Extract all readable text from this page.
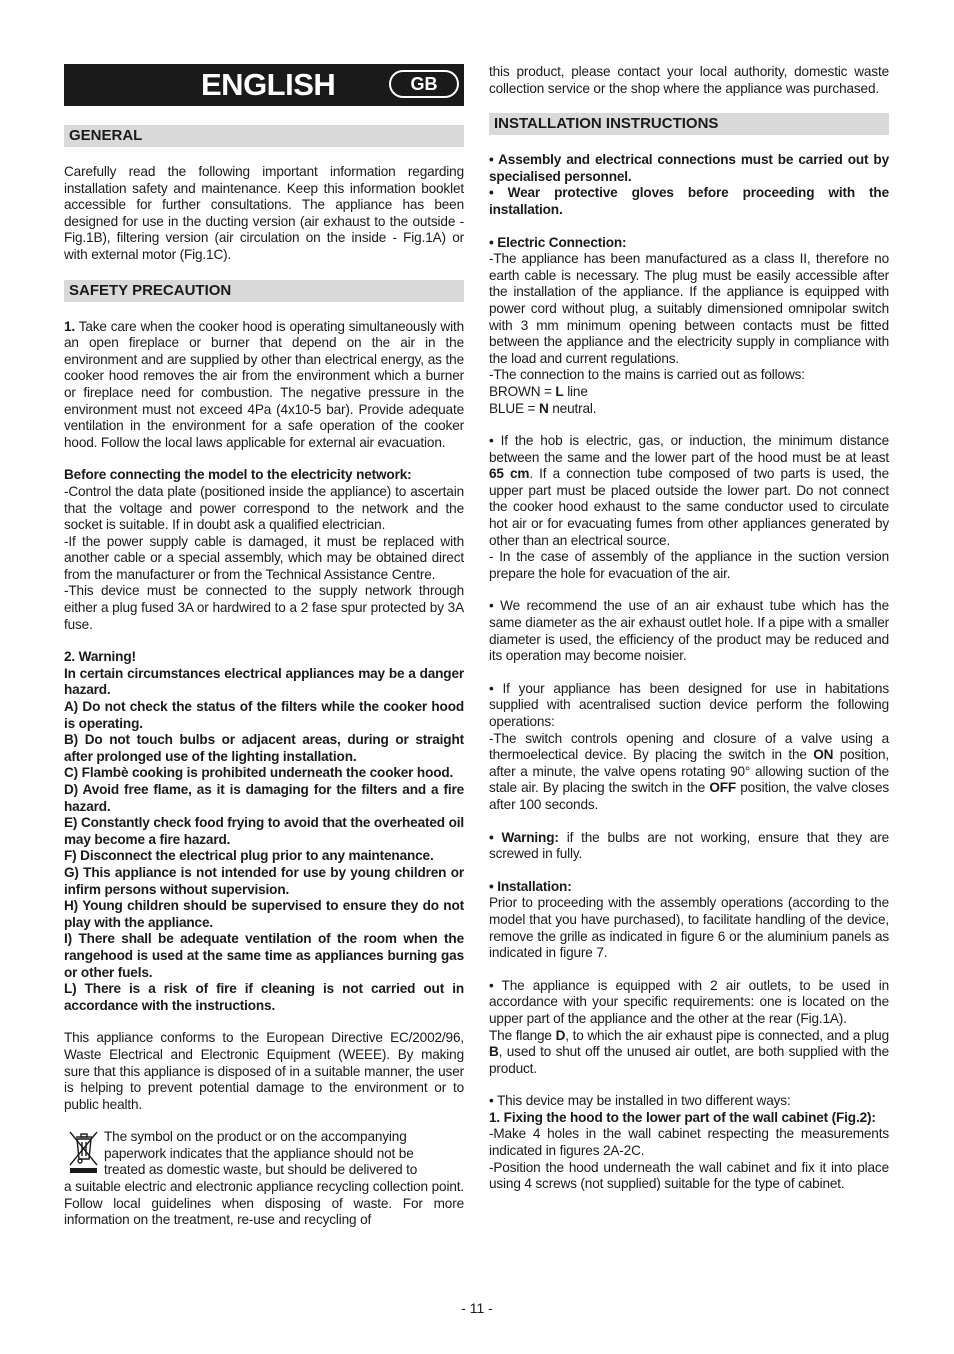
ENGLISH	GB
GENERAL

Carefully read the following important information regarding installation safety and maintenance. Keep this information booklet accessible for further consultations. The appliance has been designed for use in the ducting version (air exhaust to the outside - Fig.1B), filtering version (air circulation on the inside - Fig.1A) or with external motor (Fig.1C).

SAFETY PRECAUTION

1. Take care when the cooker hood is operating simultaneously with an open fireplace or burner that depend on the air in the environment and are supplied by other than electrical energy, as the cooker hood removes the air from the environment which a burner or fireplace need for combustion. The negative pressure in the environment must not exceed 4Pa (4x10-5 bar). Provide adequate ventilation in the environment for a safe operation of the cooker hood. Follow the local laws applicable for external air evacuation.

Before connecting the model to the electricity network:

-Control the data plate (positioned inside the appliance) to ascertain that the voltage and power correspond to the network and the socket is suitable. If in doubt ask a qualified electrician.

-If the power supply cable is damaged, it must be replaced with another cable or a special assembly, which may be obtained direct from the manufacturer or from the Technical Assistance Centre.

-This device must be connected to the supply network through either a plug fused 3A or hardwired to a 2 fase spur protected by 3A fuse.

2. Warning!

In certain circumstances electrical appliances may be a danger hazard.

A) Do not check the status of the filters while the cooker hood is operating.

B) Do not touch bulbs or adjacent areas, during or straight after prolonged use of the lighting installation.

C) Flambè cooking is prohibited underneath the cooker hood.

D) Avoid free flame, as it is damaging for the filters and a fire hazard.

E) Constantly check food frying to avoid that the overheated oil may become a fire hazard.

F) Disconnect the electrical plug prior to any maintenance.

G) This appliance is not intended for use by young children or infirm persons without supervision.

H) Young children should be supervised to ensure they do not play with the appliance.

I) There shall be adequate ventilation of the room when the rangehood is used at the same time as appliances burning gas or other fuels.

L) There is a risk of fire if cleaning is not carried out in accordance with the instructions.

This appliance conforms to the European Directive EC/2002/96, Waste Electrical and Electronic Equipment (WEEE). By making sure that this appliance is disposed of in a suitable manner, the user is helping to prevent potential damage to the environment or to public health.

The symbol on the product or on the accompanying

paperwork indicates that the appliance should not be

treated as domestic waste, but should be delivered to

a suitable electric and electronic appliance recycling collection point. Follow local guidelines when disposing of waste. For more information on the treatment, re-use and recycling of

this product, please contact your local authority, domestic waste collection service or the shop where the appliance was purchased.

INSTALLATION INSTRUCTIONS

• Assembly and electrical connections must be carried out by specialised personnel.

• Wear protective gloves before proceeding with the installation.

• Electric Connection:

-The appliance has been manufactured as a class II, therefore no earth cable is necessary. The plug must be easily accessible after the installation of the appliance. If the appliance is equipped with power cord without plug, a suitably dimensioned omnipolar switch with 3 mm minimum opening between contacts must be fitted between the appliance and the electricity supply in compliance with the load and current regulations.

-The connection to the mains is carried out as follows:

BROWN = L line

BLUE = N neutral.

• If the hob is electric, gas, or induction, the minimum distance between the same and the lower part of the hood must be at least 65 cm. If a connection tube composed of two parts is used, the upper part must be placed outside the lower part. Do not connect the cooker hood exhaust to the same conductor used to circulate hot air or for evacuating fumes from other appliances generated by other than an electrical source.

- In the case of assembly of the appliance in the suction version prepare the hole for evacuation of the air.

• We recommend the use of an air exhaust tube which has the same diameter as the air exhaust outlet hole. If a pipe with a smaller diameter is used, the efficiency of the product may be reduced and its operation may become noisier.

• If your appliance has been designed for use in habitations supplied with acentralised suction device perform the following operations:

-The switch controls opening and closure of a valve using a thermoelectical device. By placing the switch in the ON position, after a minute, the valve opens rotating 90° allowing suction of the stale air. By placing the switch in the OFF position, the valve closes after 100 seconds.

• Warning: if the bulbs are not working, ensure that they are screwed in fully.

• Installation:

Prior to proceeding with the assembly operations (according to the model that you have purchased), to facilitate handling of the device, remove the grille as indicated in figure 6 or the aluminium panels as indicated in figure 7.

• The appliance is equipped with 2 air outlets, to be used in accordance with your specific requirements: one is located on the upper part of the appliance and the other at the rear (Fig.1A).

The flange D, to which the air exhaust pipe is connected, and a plug B, used to shut off the unused air outlet, are both supplied with the product.

• This device may be installed in two different ways:

1. Fixing the hood to the lower part of the wall cabinet (Fig.2):

-Make 4 holes in the wall cabinet respecting the measurements indicated in figures 2A-2C.

-Position the hood underneath the wall cabinet and fix it into place using 4 screws (not supplied) suitable for the type of cabinet.

- 11 -
